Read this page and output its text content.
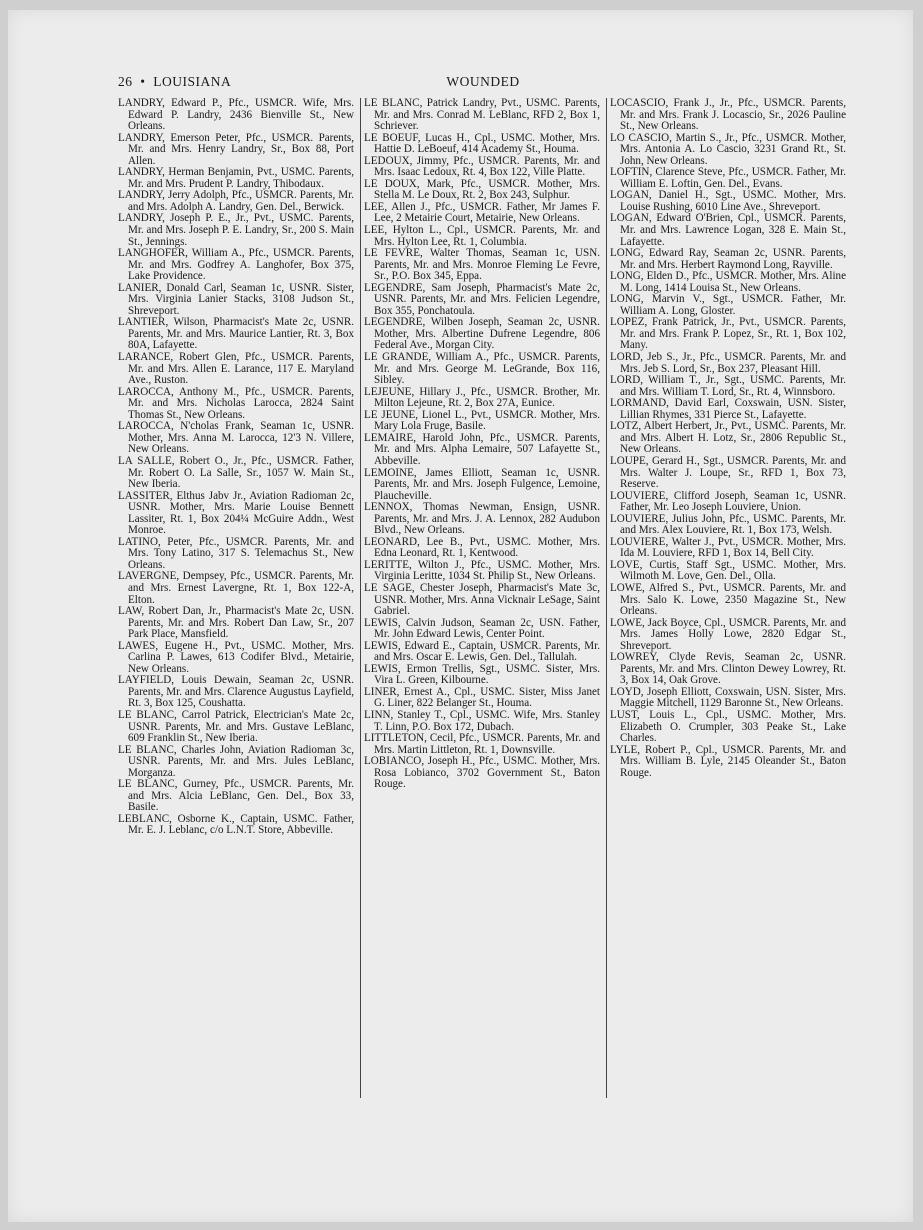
26 • LOUISIANA	WOUNDED

LANDRY, Edward P., Pfc., USMCR. Wife, Mrs. Edward P. Landry, 2436 Bienville St., New Orleans.

LANDRY, Emerson Peter, Pfc., USMCR. Parents, Mr. and Mrs. Henry Landry, Sr., Box 88, Port Allen.

LANDRY, Herman Benjamin, Pvt., USMC. Parents, Mr. and Mrs. Prudent P. Landry, Thibodaux.

LANDRY, Jerry Adolph, Pfc., USMCR. Parents, Mr. and Mrs. Adolph A. Landry, Gen. Del., Berwick.

LANDRY, Joseph P. E., Jr., Pvt., USMC. Parents, Mr. and Mrs. Joseph P. E. Landry, Sr., 200 S. Main St., Jennings.

LANGHOFER, William A., Pfc., USMCR. Parents, Mr. and Mrs. Godfrey A. Langhofer, Box 375, Lake Providence.

LANIER, Donald Carl, Seaman 1c, USNR. Sister, Mrs. Virginia Lanier Stacks, 3108 Judson St., Shreveport.

LANTIER, Wilson, Pharmacist's Mate 2c, USNR. Parents, Mr. and Mrs. Maurice Lantier, Rt. 3, Box 80A, Lafayette.

LARANCE, Robert Glen, Pfc., USMCR. Parents, Mr. and Mrs. Allen E. Larance, 117 E. Maryland Ave., Ruston.

LAROCCA, Anthony M., Pfc., USMCR. Parents, Mr. and Mrs. Nicholas Larocca, 2824 Saint Thomas St., New Orleans.

LAROCCA, N'cholas Frank, Seaman 1c, USNR. Mother, Mrs. Anna M. Larocca, 12'3 N. Villere, New Orleans.

LA SALLE, Robert O., Jr., Pfc., USMCR. Father, Mr. Robert O. La Salle, Sr., 1057 W. Main St., New Iberia.

LASSITER, Elthus Jabv Jr., Aviation Radioman 2c, USNR. Mother, Mrs. Marie Louise Bennett Lassiter, Rt. 1, Box 204¼ McGuire Addn., West Monroe.

LATINO, Peter, Pfc., USMCR. Parents, Mr. and Mrs. Tony Latino, 317 S. Telemachus St., New Orleans.

LAVERGNE, Dempsey, Pfc., USMCR. Parents, Mr. and Mrs. Ernest Lavergne, Rt. 1, Box 122-A, Elton.

LAW, Robert Dan, Jr., Pharmacist's Mate 2c, USN. Parents, Mr. and Mrs. Robert Dan Law, Sr., 207 Park Place, Mansfield.

LAWES, Eugene H., Pvt., USMC. Mother, Mrs. Carlina P. Lawes, 613 Codifer Blvd., Metairie, New Orleans.

LAYFIELD, Louis Dewain, Seaman 2c, USNR. Parents, Mr. and Mrs. Clarence Augustus Layfield, Rt. 3, Box 125, Coushatta.

LE BLANC, Carrol Patrick, Electrician's Mate 2c, USNR. Parents, Mr. and Mrs. Gustave LeBlanc, 609 Franklin St., New Iberia.

LE BLANC, Charles John, Aviation Radioman 3c, USNR. Parents, Mr. and Mrs. Jules LeBlanc, Morganza.

LE BLANC, Gurney, Pfc., USMCR. Parents, Mr. and Mrs. Alcia LeBlanc, Gen. Del., Box 33, Basile.

LEBLANC, Osborne K., Captain, USMC. Father, Mr. E. J. Leblanc, c/o L.N.T. Store, Abbeville.

LE BLANC, Patrick Landry, Pvt., USMC. Parents, Mr. and Mrs. Conrad M. LeBlanc, RFD 2, Box 1, Schriever.

LE BOEUF, Lucas H., Cpl., USMC. Mother, Mrs. Hattie D. LeBoeuf, 414 Academy St., Houma.

LEDOUX, Jimmy, Pfc., USMCR. Parents, Mr. and Mrs. Isaac Ledoux, Rt. 4, Box 122, Ville Platte.

LE DOUX, Mark, Pfc., USMCR. Mother, Mrs. Stella M. Le Doux, Rt. 2, Box 243, Sulphur.

LEE, Allen J., Pfc., USMCR. Father, Mr James F. Lee, 2 Metairie Court, Metairie, New Orleans.

LEE, Hylton L., Cpl., USMCR. Parents, Mr. and Mrs. Hylton Lee, Rt. 1, Columbia.

LE FEVRE, Walter Thomas, Seaman 1c, USN. Parents, Mr. and Mrs. Monroe Fleming Le Fevre, Sr., P.O. Box 345, Eppa.

LEGENDRE, Sam Joseph, Pharmacist's Mate 2c, USNR. Parents, Mr. and Mrs. Felicien Legendre, Box 355, Ponchatoula.

LEGENDRE, Wilben Joseph, Seaman 2c, USNR. Mother, Mrs. Albertine Dufrene Legendre, 806 Federal Ave., Morgan City.

LE GRANDE, William A., Pfc., USMCR. Parents, Mr. and Mrs. George M. LeGrande, Box 116, Sibley.

LEJEUNE, Hillary J., Pfc., USMCR. Brother, Mr. Milton Lejeune, Rt. 2, Box 27A, Eunice.

LE JEUNE, Lionel L., Pvt., USMCR. Mother, Mrs. Mary Lola Fruge, Basile.

LEMAIRE, Harold John, Pfc., USMCR. Parents, Mr. and Mrs. Alpha Lemaire, 507 Lafayette St., Abbeville.

LEMOINE, James Elliott, Seaman 1c, USNR. Parents, Mr. and Mrs. Joseph Fulgence, Lemoine, Plaucheville.

LENNOX, Thomas Newman, Ensign, USNR. Parents, Mr. and Mrs. J. A. Lennox, 282 Audubon Blvd., New Orleans.

LEONARD, Lee B., Pvt., USMC. Mother, Mrs. Edna Leonard, Rt. 1, Kentwood.

LERITTE, Wilton J., Pfc., USMC. Mother, Mrs. Virginia Leritte, 1034 St. Philip St., New Orleans.

LE SAGE, Chester Joseph, Pharmacist's Mate 3c, USNR. Mother, Mrs. Anna Vicknair LeSage, Saint Gabriel.

LEWIS, Calvin Judson, Seaman 2c, USN. Father, Mr. John Edward Lewis, Center Point.

LEWIS, Edward E., Captain, USMCR. Parents, Mr. and Mrs. Oscar E. Lewis, Gen. Del., Tallulah.

LEWIS, Ermon Trellis, Sgt., USMC. Sister, Mrs. Vira L. Green, Kilbourne.

LINER, Ernest A., Cpl., USMC. Sister, Miss Janet G. Liner, 822 Belanger St., Houma.

LINN, Stanley T., Cpl., USMC. Wife, Mrs. Stanley T. Linn, P.O. Box 172, Dubach.

LITTLETON, Cecil, Pfc., USMCR. Parents, Mr. and Mrs. Martin Littleton, Rt. 1, Downsville.

LOBIANCO, Joseph H., Pfc., USMC. Mother, Mrs. Rosa Lobianco, 3702 Government St., Baton Rouge.

LOCASCIO, Frank J., Jr., Pfc., USMCR. Parents, Mr. and Mrs. Frank J. Locascio, Sr., 2026 Pauline St., New Orleans.

LO CASCIO, Martin S., Jr., Pfc., USMCR. Mother, Mrs. Antonia A. Lo Cascio, 3231 Grand Rt., St. John, New Orleans.

LOFTIN, Clarence Steve, Pfc., USMCR. Father, Mr. William E. Loftin, Gen. Del., Evans.

LOGAN, Daniel H., Sgt., USMC. Mother, Mrs. Louise Rushing, 6010 Line Ave., Shreveport.

LOGAN, Edward O'Brien, Cpl., USMCR. Parents, Mr. and Mrs. Lawrence Logan, 328 E. Main St., Lafayette.

LONG, Edward Ray, Seaman 2c, USNR. Parents, Mr. and Mrs. Herbert Raymond Long, Rayville.

LONG, Elden D., Pfc., USMCR. Mother, Mrs. Aline M. Long, 1414 Louisa St., New Orleans.

LONG, Marvin V., Sgt., USMCR. Father, Mr. William A. Long, Gloster.

LOPEZ, Frank Patrick, Jr., Pvt., USMCR. Parents, Mr. and Mrs. Frank P. Lopez, Sr., Rt. 1, Box 102, Many.

LORD, Jeb S., Jr., Pfc., USMCR. Parents, Mr. and Mrs. Jeb S. Lord, Sr., Box 237, Pleasant Hill.

LORD, William T., Jr., Sgt., USMC. Parents, Mr. and Mrs. William T. Lord, Sr., Rt. 4, Winnsboro.

LORMAND, David Earl, Coxswain, USN. Sister, Lillian Rhymes, 331 Pierce St., Lafayette.

LOTZ, Albert Herbert, Jr., Pvt., USMC. Parents, Mr. and Mrs. Albert H. Lotz, Sr., 2806 Republic St., New Orleans.

LOUPE, Gerard H., Sgt., USMCR. Parents, Mr. and Mrs. Walter J. Loupe, Sr., RFD 1, Box 73, Reserve.

LOUVIERE, Clifford Joseph, Seaman 1c, USNR. Father, Mr. Leo Joseph Louviere, Union.

LOUVIERE, Julius John, Pfc., USMC. Parents, Mr. and Mrs. Alex Louviere, Rt. 1, Box 173, Welsh.

LOUVIERE, Walter J., Pvt., USMCR. Mother, Mrs. Ida M. Louviere, RFD 1, Box 14, Bell City.

LOVE, Curtis, Staff Sgt., USMC. Mother, Mrs. Wilmoth M. Love, Gen. Del., Olla.

LOWE, Alfred S., Pvt., USMCR. Parents, Mr. and Mrs. Salo K. Lowe, 2350 Magazine St., New Orleans.

LOWE, Jack Boyce, Cpl., USMCR. Parents, Mr. and Mrs. James Holly Lowe, 2820 Edgar St., Shreveport.

LOWREY, Clyde Revis, Seaman 2c, USNR. Parents, Mr. and Mrs. Clinton Dewey Lowrey, Rt. 3, Box 14, Oak Grove.

LOYD, Joseph Elliott, Coxswain, USN. Sister, Mrs. Maggie Mitchell, 1129 Baronne St., New Orleans.

LUST, Louis L., Cpl., USMC. Mother, Mrs. Elizabeth O. Crumpler, 303 Peake St., Lake Charles.

LYLE, Robert P., Cpl., USMCR. Parents, Mr. and Mrs. William B. Lyle, 2145 Oleander St., Baton Rouge.
